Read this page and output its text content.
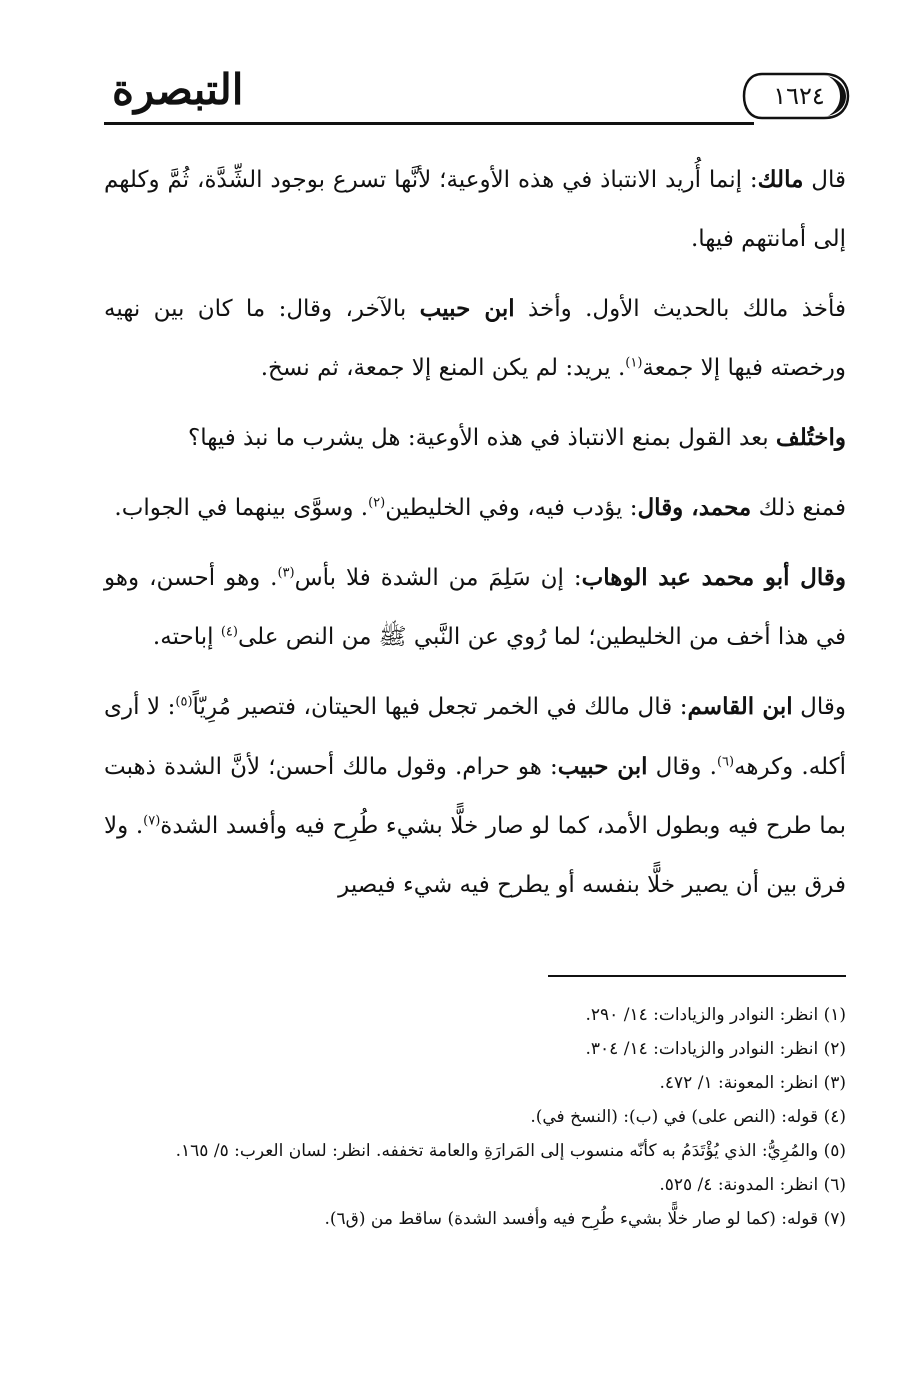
التبصرة	١٦٢٤

قال مالك: إنما أُريد الانتباذ في هذه الأوعية؛ لأنَّها تسرع بوجود الشِّدَّة، ثُمَّ وكلهم إلى أمانتهم فيها.

فأخذ مالك بالحديث الأول. وأخذ ابن حبيب بالآخر، وقال: ما كان بين نهيه ورخصته فيها إلا جمعة$^{(١)}$. يريد: لم يكن المنع إلا جمعة، ثم نسخ.

واختُلف بعد القول بمنع الانتباذ في هذه الأوعية: هل يشرب ما نبذ فيها؟

فمنع ذلك محمد، وقال: يؤدب فيه، وفي الخليطين$^{(٢)}$. وسوَّى بينهما في الجواب.

وقال أبو محمد عبد الوهاب: إن سَلِمَ من الشدة فلا بأس$^{(٣)}$. وهو أحسن، وهو في هذا أخف من الخليطين؛ لما رُوي عن النَّبي ﷺ من النص على$^{(٤)}$ إباحته.

وقال ابن القاسم: قال مالك في الخمر تجعل فيها الحيتان، فتصير مُرِيّاً$^{(٥)}$: لا أرى أكله. وكرهه$^{(٦)}$. وقال ابن حبيب: هو حرام. وقول مالك أحسن؛ لأنَّ الشدة ذهبت بما طرح فيه وبطول الأمد، كما لو صار خلًّا بشيء طُرِح فيه وأفسد الشدة$^{(٧)}$. ولا فرق بين أن يصير خلًّا بنفسه أو يطرح فيه شيء فيصير

(١) انظر: النوادر والزيادات: ١٤/ ٢٩٠.

(٢) انظر: النوادر والزيادات: ١٤/ ٣٠٤.

(٣) انظر: المعونة: ١/ ٤٧٢.

(٤) قوله: (النص على) في (ب): (النسخ في).

(٥) والمُرِيُّ: الذي يُؤْتَدَمُ به كأنّه منسوب إلى المَرارَةِ والعامة تخففه. انظر: لسان العرب: ٥/ ١٦٥.

(٦) انظر: المدونة: ٤/ ٥٢٥.

(٧) قوله: (كما لو صار خلًّا بشيء طُرِح فيه وأفسد الشدة) ساقط من (ق٦).
